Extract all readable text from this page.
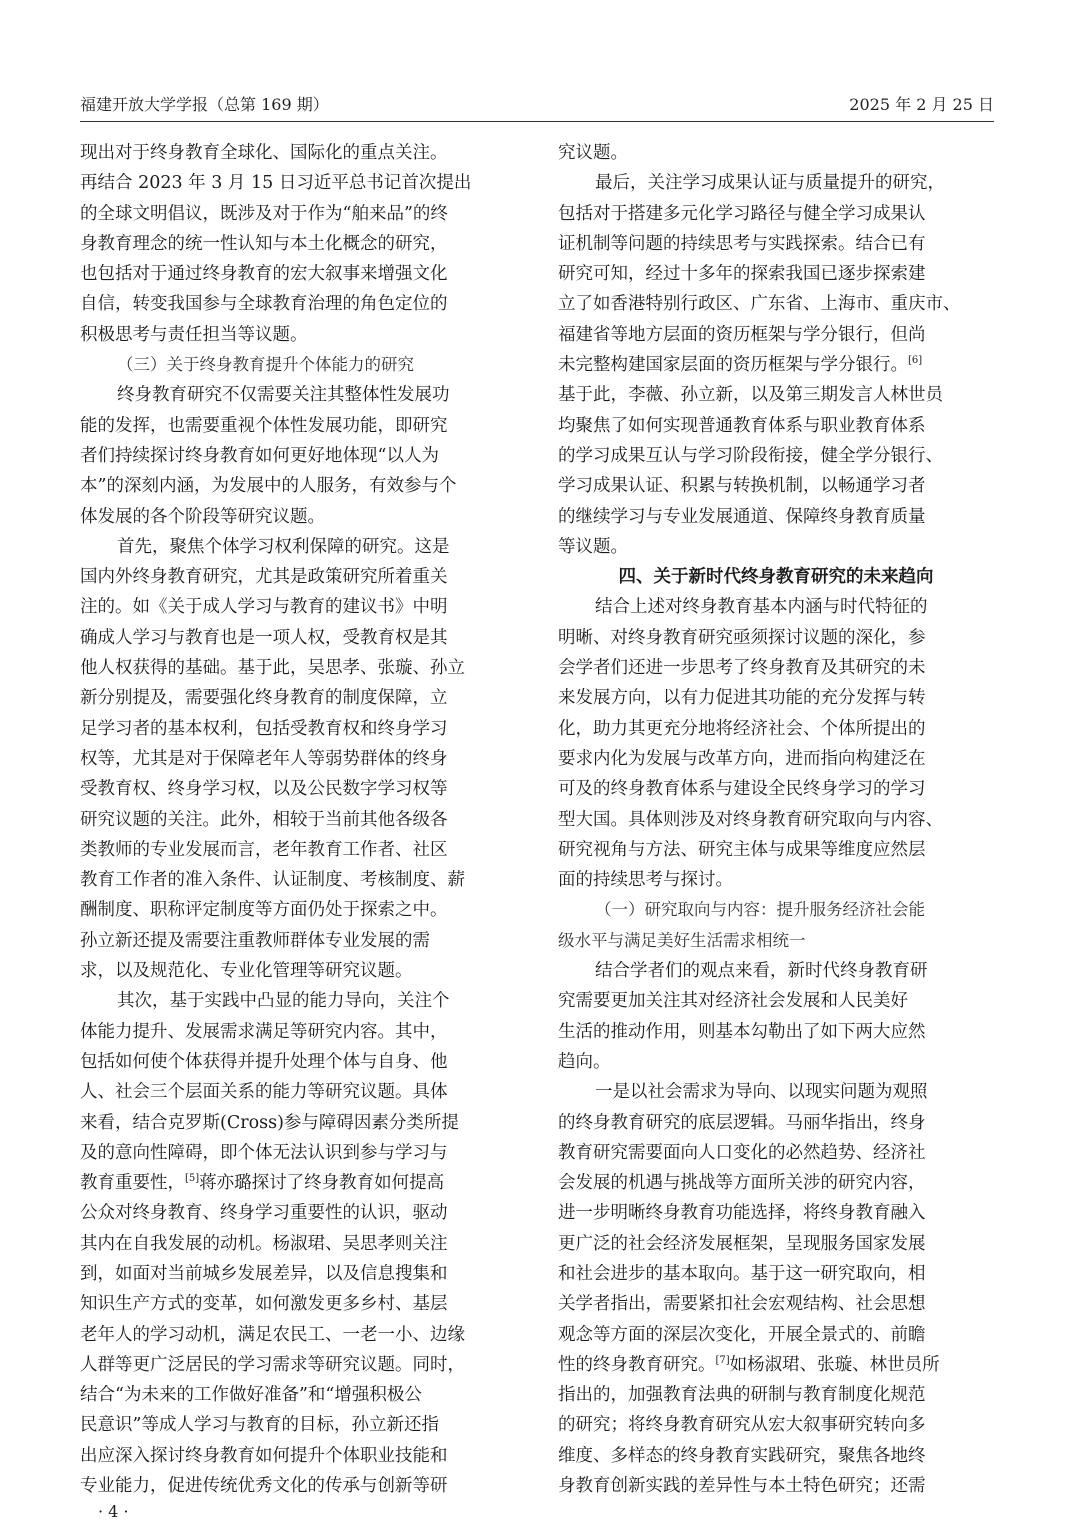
福建开放大学学报（总第 169 期）	2025 年 2 月 25 日
现出对于终身教育全球化、国际化的重点关注。
再结合 2023 年 3 月 15 日习近平总书记首次提出
的全球文明倡议，既涉及对于作为“舶来品”的终
身教育理念的统一性认知与本土化概念的研究，
也包括对于通过终身教育的宏大叙事来增强文化
自信，转变我国参与全球教育治理的角色定位的
积极思考与责任担当等议题。
（三）关于终身教育提升个体能力的研究
终身教育研究不仅需要关注其整体性发展功
能的发挥，也需要重视个体性发展功能，即研究
者们持续探讨终身教育如何更好地体现“以人为
本”的深刻内涵，为发展中的人服务，有效参与个
体发展的各个阶段等研究议题。
首先，聚焦个体学习权利保障的研究。这是
国内外终身教育研究，尤其是政策研究所着重关
注的。如《关于成人学习与教育的建议书》中明
确成人学习与教育也是一项人权，受教育权是其
他人权获得的基础。基于此，吴思孝、张璇、孙立
新分别提及，需要强化终身教育的制度保障，立
足学习者的基本权利，包括受教育权和终身学习
权等，尤其是对于保障老年人等弱势群体的终身
受教育权、终身学习权，以及公民数字学习权等
研究议题的关注。此外，相较于当前其他各级各
类教师的专业发展而言，老年教育工作者、社区
教育工作者的准入条件、认证制度、考核制度、薪
酬制度、职称评定制度等方面仍处于探索之中。
孙立新还提及需要注重教师群体专业发展的需
求，以及规范化、专业化管理等研究议题。
其次，基于实践中凸显的能力导向，关注个
体能力提升、发展需求满足等研究内容。其中，
包括如何使个体获得并提升处理个体与自身、他
人、社会三个层面关系的能力等研究议题。具体
来看，结合克罗斯(Cross)参与障碍因素分类所提
及的意向性障碍，即个体无法认识到参与学习与
教育重要性，[5]蒋亦璐探讨了终身教育如何提高
公众对终身教育、终身学习重要性的认识，驱动
其内在自我发展的动机。杨淑珺、吴思孝则关注
到，如面对当前城乡发展差异，以及信息搜集和
知识生产方式的变革，如何激发更多乡村、基层
老年人的学习动机，满足农民工、一老一小、边缘
人群等更广泛居民的学习需求等研究议题。同时，
结合“为未来的工作做好准备”和“增强积极公
民意识”等成人学习与教育的目标，孙立新还指
出应深入探讨终身教育如何提升个体职业技能和
专业能力，促进传统优秀文化的传承与创新等研
究议题。
最后，关注学习成果认证与质量提升的研究，
包括对于搭建多元化学习路径与健全学习成果认
证机制等问题的持续思考与实践探索。结合已有
研究可知，经过十多年的探索我国已逐步探索建
立了如香港特别行政区、广东省、上海市、重庆市、
福建省等地方层面的资历框架与学分银行，但尚
未完整构建国家层面的资历框架与学分银行。[6]
基于此，李薇、孙立新，以及第三期发言人林世员
均聚焦了如何实现普通教育体系与职业教育体系
的学习成果互认与学习阶段衔接，健全学分银行、
学习成果认证、积累与转换机制，以畅通学习者
的继续学习与专业发展通道、保障终身教育质量
等议题。
四、关于新时代终身教育研究的未来趋向
结合上述对终身教育基本内涵与时代特征的
明晰、对终身教育研究亟须探讨议题的深化，参
会学者们还进一步思考了终身教育及其研究的未
来发展方向，以有力促进其功能的充分发挥与转
化，助力其更充分地将经济社会、个体所提出的
要求内化为发展与改革方向，进而指向构建泛在
可及的终身教育体系与建设全民终身学习的学习
型大国。具体则涉及对终身教育研究取向与内容、
研究视角与方法、研究主体与成果等维度应然层
面的持续思考与探讨。
（一）研究取向与内容：提升服务经济社会能
级水平与满足美好生活需求相统一
结合学者们的观点来看，新时代终身教育研
究需要更加关注其对经济社会发展和人民美好
生活的推动作用，则基本勾勒出了如下两大应然
趋向。
一是以社会需求为导向、以现实问题为观照
的终身教育研究的底层逻辑。马丽华指出，终身
教育研究需要面向人口变化的必然趋势、经济社
会发展的机遇与挑战等方面所关涉的研究内容，
进一步明晰终身教育功能选择，将终身教育融入
更广泛的社会经济发展框架，呈现服务国家发展
和社会进步的基本取向。基于这一研究取向，相
关学者指出，需要紧扣社会宏观结构、社会思想
观念等方面的深层次变化，开展全景式的、前瞻
性的终身教育研究。[7]如杨淑珺、张璇、林世员所
指出的，加强教育法典的研制与教育制度化规范
的研究；将终身教育研究从宏大叙事研究转向多
维度、多样态的终身教育实践研究，聚焦各地终
身教育创新实践的差异性与本土特色研究；还需
· 4 ·
